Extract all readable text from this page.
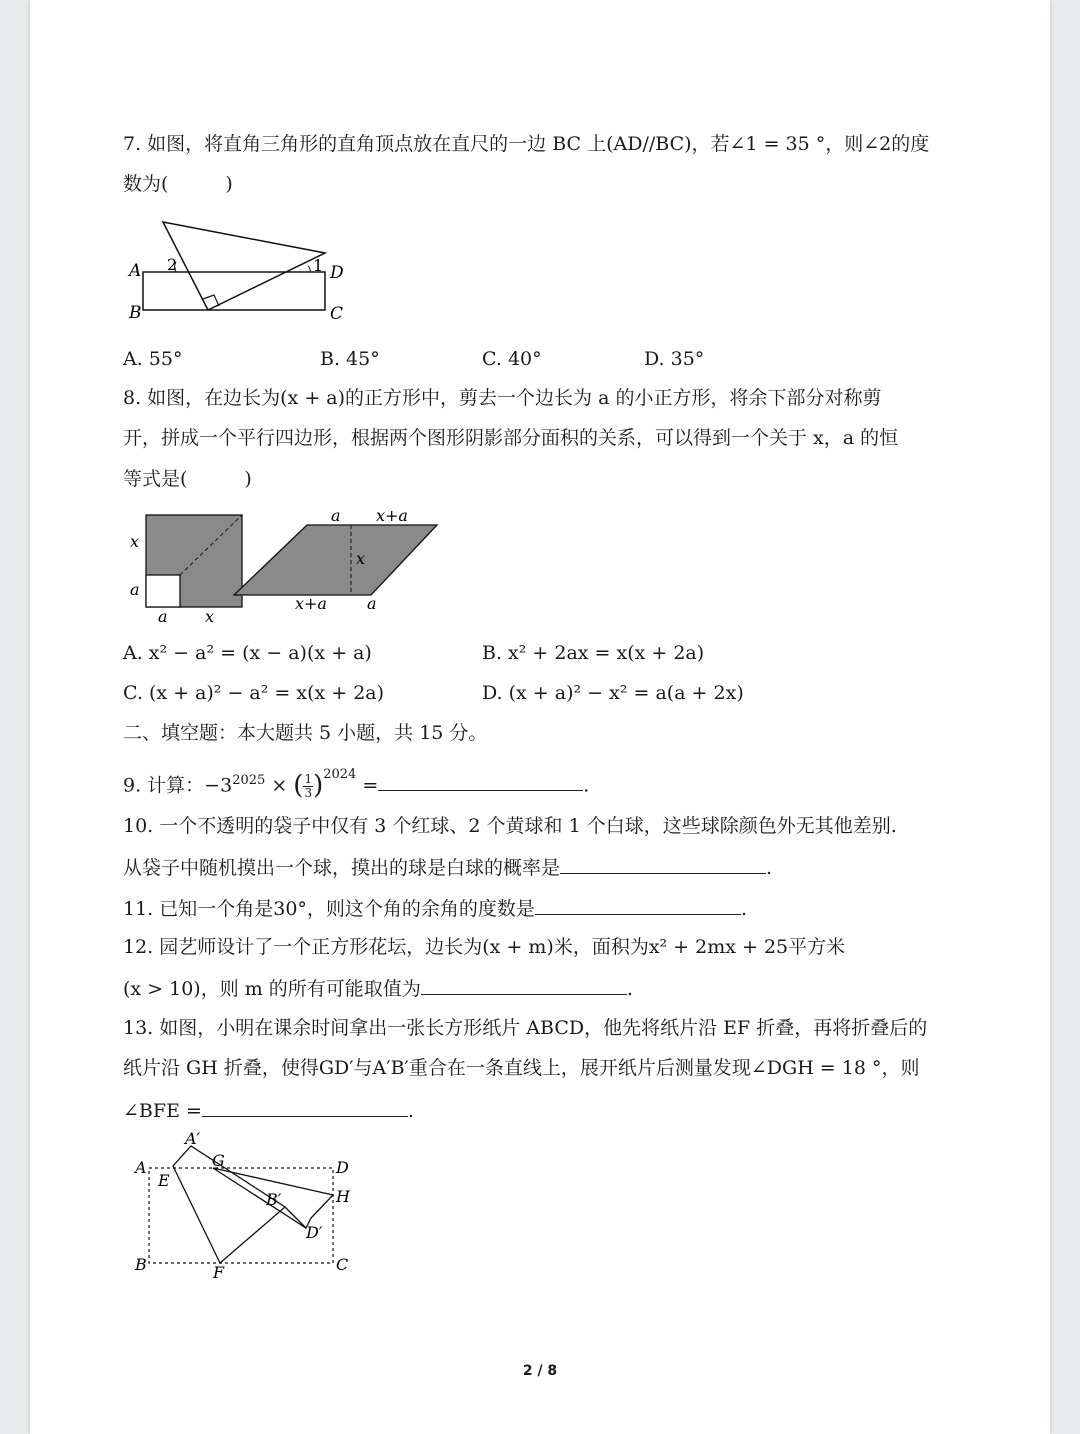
7. 如图，将直角三角形的直角顶点放在直尺的一边 BC 上(AD//BC)，若∠1 = 35 °，则∠2的度
数为(　　　)
A
B	C
D
2	1
A. 55°	B. 45°	C. 40°	D. 35°
8. 如图，在边长为(x + a)的正方形中，剪去一个边长为 a 的小正方形，将余下部分对称剪
开，拼成一个平行四边形，根据两个图形阴影部分面积的关系，可以得到一个关于 x，a 的恒
等式是(　　　)
x
a
a x
a x+a
x
x+a	a
A. x² − a² = (x − a)(x + a)	B. x² + 2ax = x(x + 2a)
C. (x + a)² − a² = x(x + 2a)	D. (x + a)² − x² = a(a + 2x)
二、填空题：本大题共 5 小题，共 15 分。
9. 计算：$-3^{2025}$ × ( $\frac{1}{3} )^{2024}$ =	.
10. 一个不透明的袋子中仅有 3 个红球、2 个黄球和 1 个白球，这些球除颜色外无其他差别.
从袋子中随机摸出一个球，摸出的球是白球的概率是	.
11. 已知一个角是30°，则这个角的余角的度数是	.
12. 园艺师设计了一个正方形花坛，边长为(x + m)米，面积为x² + 2mx + 25平方米
(x > 10)，则 m 的所有可能取值为	.
13. 如图，小明在课余时间拿出一张长方形纸片 ABCD，他先将纸片沿 EF 折叠，再将折叠后的
纸片沿 GH 折叠，使得GD′与A′B′重合在一条直线上，展开纸片后测量发现∠DGH = 18 °，则
∠BFE =	.
A′
A	G	D
E
B′	H
D′
B	F	C
2 / 8
